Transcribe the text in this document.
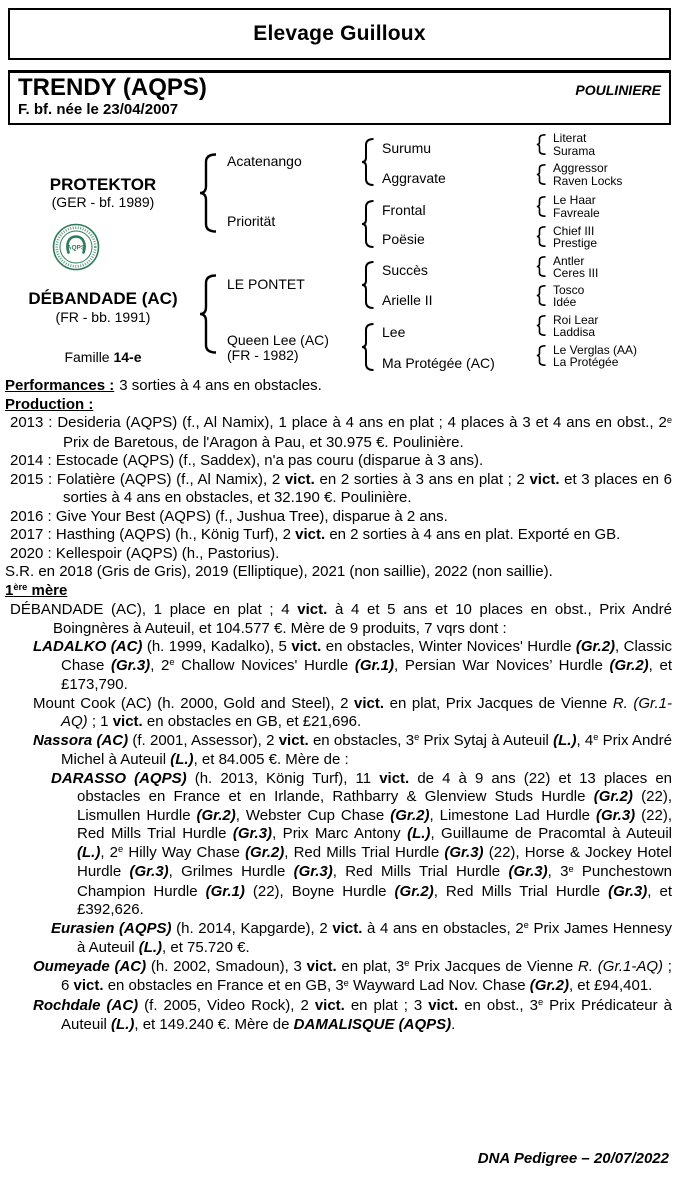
Elevage Guilloux
TRENDY (AQPS)	POULINIERE
F. bf. née le 23/04/2007
PROTEKTOR
(GER - bf. 1989)
AQPS
DÉBANDADE (AC)
(FR - bb. 1991)
Famille 14-e
Acatenango
Priorität
LE PONTET
Queen Lee (AC)
(FR - 1982)
Surumu
Aggravate
Frontal
Poësie
Succès
Arielle II
Lee
Ma Protégée (AC)
Literat
Surama
Aggressor
Raven Locks
Le Haar
Favreale
Chief III
Prestige
Antler
Ceres III
Tosco
Idée
Roi Lear
Laddisa
Le Verglas (AA)
La Protégée

Performances : 3 sorties à 4 ans en obstacles.

Production :

2013 : Desideria (AQPS) (f., Al Namix), 1 place à 4 ans en plat ; 4 places à 3 et 4 ans en obst., 2e Prix de Baretous, de l'Aragon à Pau, et 30.975 €. Poulinière.

2014 : Estocade (AQPS) (f., Saddex), n'a pas couru (disparue à 3 ans).

2015 : Folatière (AQPS) (f., Al Namix), 2 vict. en 2 sorties à 3 ans en plat ; 2 vict. et 3 places en 6 sorties à 4 ans en obstacles, et 32.190 €. Poulinière.

2016 : Give Your Best (AQPS) (f., Jushua Tree), disparue à 2 ans.

2017 : Hasthing (AQPS) (h., König Turf), 2 vict. en 2 sorties à 4 ans en plat. Exporté en GB.

2020 : Kellespoir (AQPS) (h., Pastorius).

S.R. en 2018 (Gris de Gris), 2019 (Elliptique), 2021 (non saillie), 2022 (non saillie).

1ère mère

DÉBANDADE (AC), 1 place en plat ; 4 vict. à 4 et 5 ans et 10 places en obst., Prix André Boingnères à Auteuil, et 104.577 €. Mère de 9 produits, 7 vqrs dont :

LADALKO (AC) (h. 1999, Kadalko), 5 vict. en obstacles, Winter Novices' Hurdle (Gr.2), Classic Chase (Gr.3), 2e Challow Novices' Hurdle (Gr.1), Persian War Novices’ Hurdle (Gr.2), et £173,790.

Mount Cook (AC) (h. 2000, Gold and Steel), 2 vict. en plat, Prix Jacques de Vienne R. (Gr.1-AQ) ; 1 vict. en obstacles en GB, et £21,696.

Nassora (AC) (f. 2001, Assessor), 2 vict. en obstacles, 3e Prix Sytaj à Auteuil (L.), 4e Prix André Michel à Auteuil (L.), et 84.005 €. Mère de :

DARASSO (AQPS) (h. 2013, König Turf), 11 vict. de 4 à 9 ans (22) et 13 places en obstacles en France et en Irlande, Rathbarry & Glenview Studs Hurdle (Gr.2) (22), Lismullen Hurdle (Gr.2), Webster Cup Chase (Gr.2), Limestone Lad Hurdle (Gr.3) (22), Red Mills Trial Hurdle (Gr.3), Prix Marc Antony (L.), Guillaume de Pracomtal à Auteuil (L.), 2e Hilly Way Chase (Gr.2), Red Mills Trial Hurdle (Gr.3) (22), Horse & Jockey Hotel Hurdle (Gr.3), Grilmes Hurdle (Gr.3), Red Mills Trial Hurdle (Gr.3), 3e Punchestown Champion Hurdle (Gr.1) (22), Boyne Hurdle (Gr.2), Red Mills Trial Hurdle (Gr.3), et £392,626.

Eurasien (AQPS) (h. 2014, Kapgarde), 2 vict. à 4 ans en obstacles, 2e Prix James Hennesy à Auteuil (L.), et 75.720 €.

Oumeyade (AC) (h. 2002, Smadoun), 3 vict. en plat, 3e Prix Jacques de Vienne R. (Gr.1-AQ) ; 6 vict. en obstacles en France et en GB, 3e Wayward Lad Nov. Chase (Gr.2), et £94,401.

Rochdale (AC) (f. 2005, Video Rock), 2 vict. en plat ; 3 vict. en obst., 3e Prix Prédicateur à Auteuil (L.), et 149.240 €. Mère de DAMALISQUE (AQPS).

DNA Pedigree – 20/07/2022
